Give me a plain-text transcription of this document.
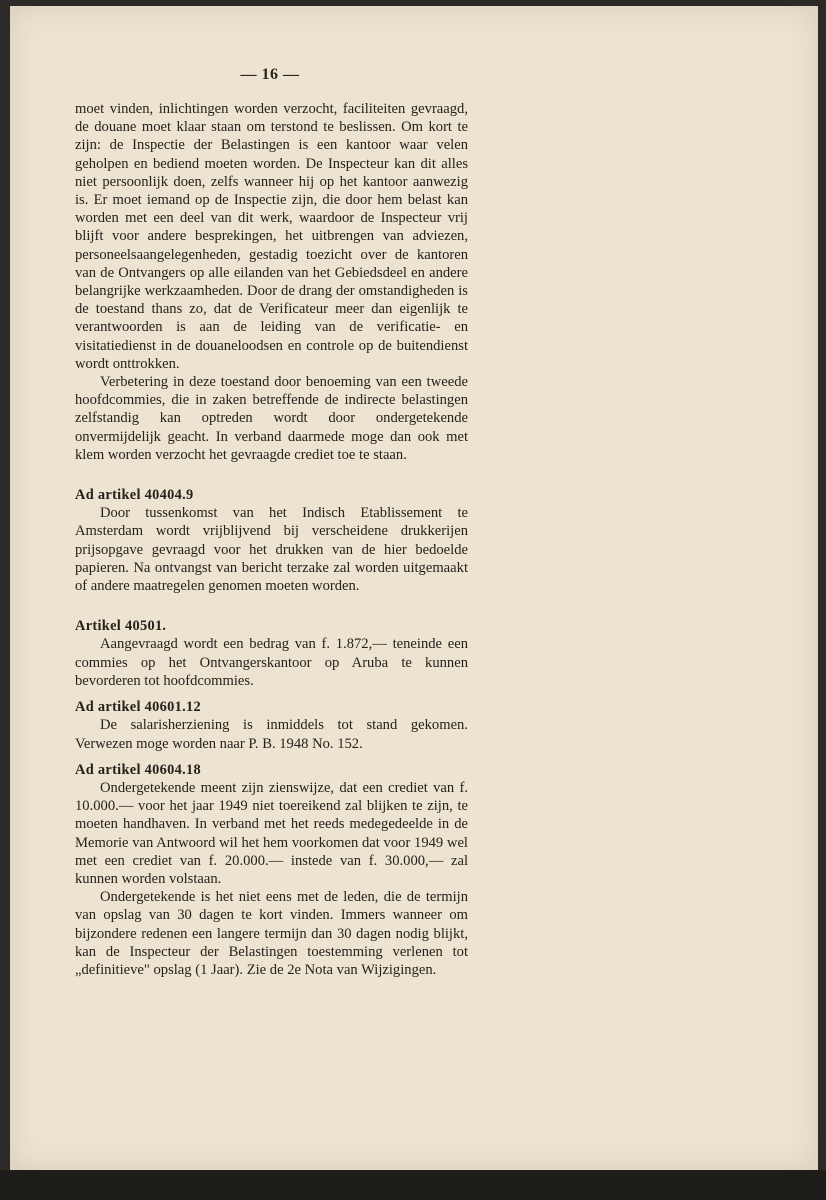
— 16 —

moet vinden, inlichtingen worden verzocht, faciliteiten gevraagd, de douane moet klaar staan om terstond te beslissen. Om kort te zijn: de Inspectie der Belastingen is een kantoor waar velen geholpen en bediend moeten worden. De Inspecteur kan dit alles niet persoonlijk doen, zelfs wanneer hij op het kantoor aanwezig is. Er moet iemand op de Inspectie zijn, die door hem belast kan worden met een deel van dit werk, waardoor de Inspecteur vrij blijft voor andere besprekingen, het uitbrengen van adviezen, personeelsaangelegenheden, gestadig toezicht over de kantoren van de Ontvangers op alle eilanden van het Gebiedsdeel en andere belangrijke werkzaamheden. Door de drang der omstandigheden is de toestand thans zo, dat de Verificateur meer dan eigenlijk te verantwoorden is aan de leiding van de verificatie- en visitatiedienst in de douaneloodsen en controle op de buitendienst wordt onttrokken.

Verbetering in deze toestand door benoeming van een tweede hoofdcommies, die in zaken betreffende de indirecte belastingen zelfstandig kan optreden wordt door ondergetekende onvermijdelijk geacht. In verband daarmede moge dan ook met klem worden verzocht het gevraagde crediet toe te staan.

Ad artikel 40404.9

Door tussenkomst van het Indisch Etablissement te Amsterdam wordt vrijblijvend bij verscheidene drukkerijen prijsopgave gevraagd voor het drukken van de hier bedoelde papieren. Na ontvangst van bericht terzake zal worden uitgemaakt of andere maatregelen genomen moeten worden.

Artikel 40501.

Aangevraagd wordt een bedrag van f. 1.872,— teneinde een commies op het Ontvangerskantoor op Aruba te kunnen bevorderen tot hoofdcommies.

Ad artikel 40601.12

De salarisherziening is inmiddels tot stand gekomen. Verwezen moge worden naar P. B. 1948 No. 152.

Ad artikel 40604.18

Ondergetekende meent zijn zienswijze, dat een crediet van f. 10.000.— voor het jaar 1949 niet toereikend zal blijken te zijn, te moeten handhaven. In verband met het reeds medegedeelde in de Memorie van Antwoord wil het hem voorkomen dat voor 1949 wel met een crediet van f. 20.000.— instede van f. 30.000,— zal kunnen worden volstaan.

Ondergetekende is het niet eens met de leden, die de termijn van opslag van 30 dagen te kort vinden. Immers wanneer om bijzondere redenen een langere termijn dan 30 dagen nodig blijkt, kan de Inspecteur der Belastingen toestemming verlenen tot „definitieve" opslag (1 Jaar). Zie de 2e Nota van Wijzigingen.
